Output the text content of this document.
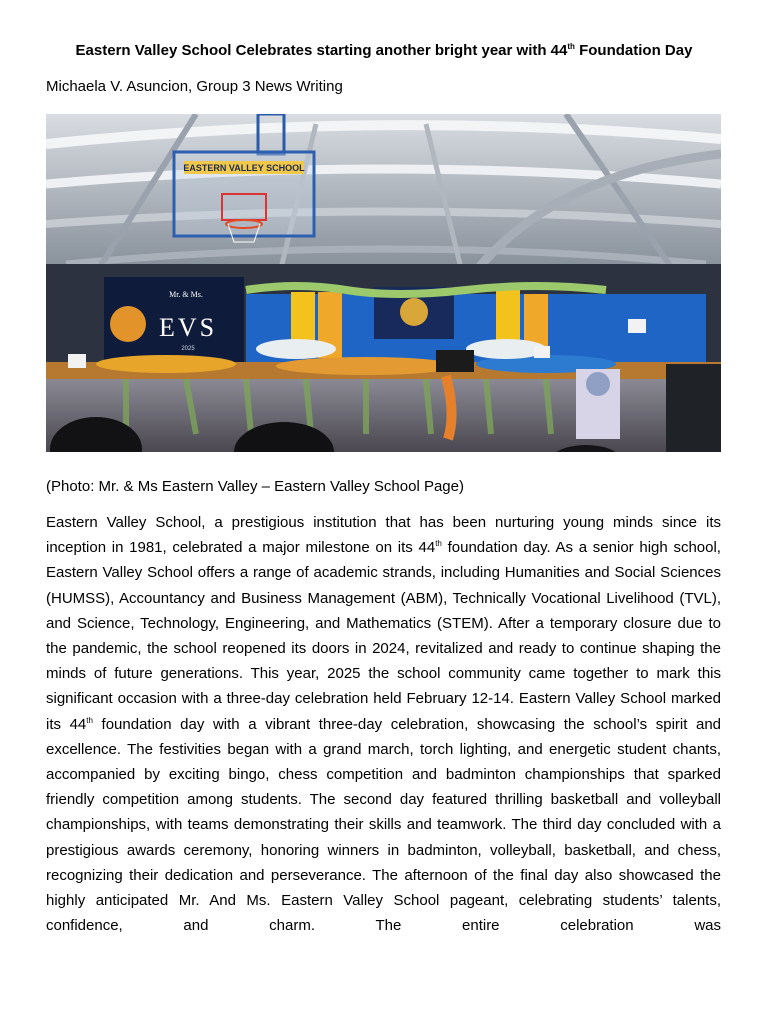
Eastern Valley School Celebrates starting another bright year with 44th Foundation Day
Michaela V. Asuncion, Group 3 News Writing
EASTERN VALLEY SCHOOL
Mr. & Ms.
EVS
2025
(Photo: Mr. & Ms Eastern Valley – Eastern Valley School Page)
Eastern Valley School, a prestigious institution that has been nurturing young minds since its inception in 1981, celebrated a major milestone on its 44th foundation day. As a senior high school, Eastern Valley School offers a range of academic strands, including Humanities and Social Sciences (HUMSS), Accountancy and Business Management (ABM), Technically Vocational Livelihood (TVL), and Science, Technology, Engineering, and Mathematics (STEM). After a temporary closure due to the pandemic, the school reopened its doors in 2024, revitalized and ready to continue shaping the minds of future generations. This year, 2025 the school community came together to mark this significant occasion with a three-day celebration held February 12-14. Eastern Valley School marked its 44th foundation day with a vibrant three-day celebration, showcasing the school’s spirit and excellence. The festivities began with a grand march, torch lighting, and energetic student chants, accompanied by exciting bingo, chess competition and badminton championships that sparked friendly competition among students. The second day featured thrilling basketball and volleyball championships, with teams demonstrating their skills and teamwork. The third day concluded with a prestigious awards ceremony, honoring winners in badminton, volleyball, basketball, and chess, recognizing their dedication and perseverance. The afternoon of the final day also showcased the highly anticipated Mr. And Ms. Eastern Valley School pageant, celebrating students’ talents, confidence, and charm. The entire celebration was
